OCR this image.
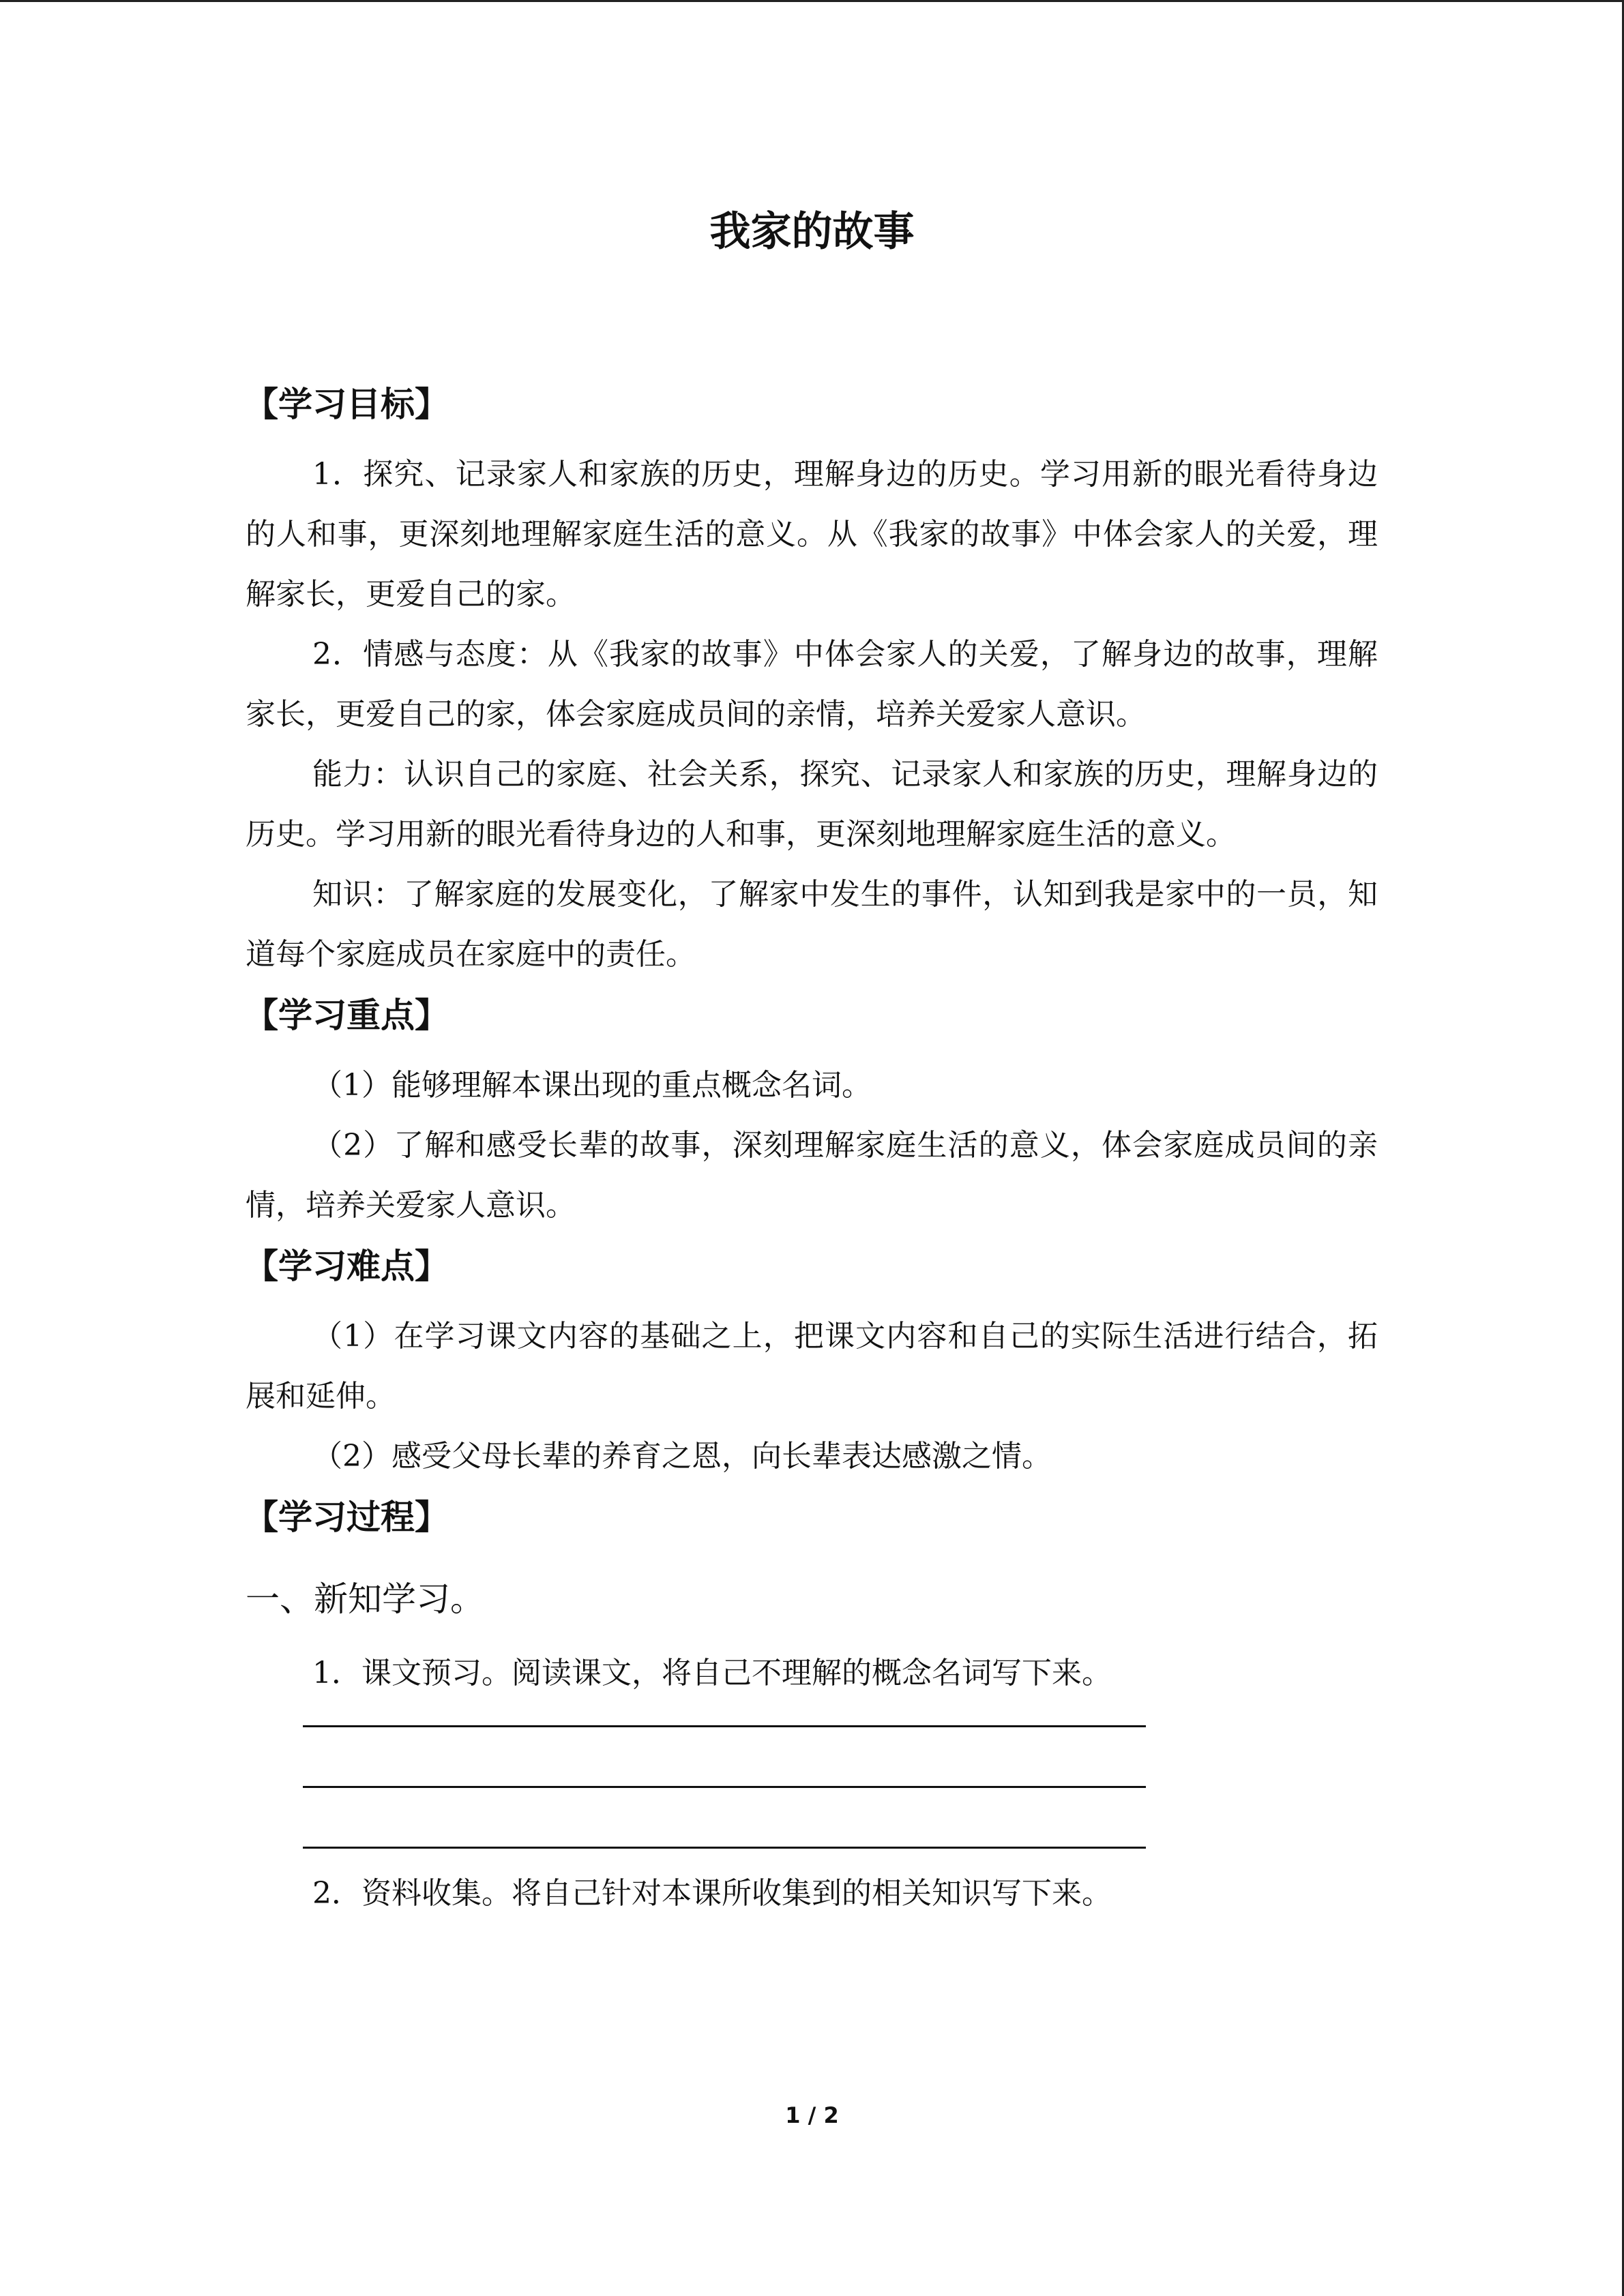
我家的故事
【学习目标】

1．探究、记录家人和家族的历史，理解身边的历史。学习用新的眼光看待身边的人和事，更深刻地理解家庭生活的意义。从《我家的故事》中体会家人的关爱，理解家长，更爱自己的家。

2．情感与态度：从《我家的故事》中体会家人的关爱，了解身边的故事，理解家长，更爱自己的家，体会家庭成员间的亲情，培养关爱家人意识。

能力：认识自己的家庭、社会关系，探究、记录家人和家族的历史，理解身边的历史。学习用新的眼光看待身边的人和事，更深刻地理解家庭生活的意义。

知识：了解家庭的发展变化，了解家中发生的事件，认知到我是家中的一员，知道每个家庭成员在家庭中的责任。

【学习重点】

（1）能够理解本课出现的重点概念名词。

（2）了解和感受长辈的故事，深刻理解家庭生活的意义，体会家庭成员间的亲情，培养关爱家人意识。

【学习难点】

（1）在学习课文内容的基础之上，把课文内容和自己的实际生活进行结合，拓展和延伸。

（2）感受父母长辈的养育之恩，向长辈表达感激之情。

【学习过程】
一、新知学习。

1．课文预习。阅读课文，将自己不理解的概念名词写下来。

2．资料收集。将自己针对本课所收集到的相关知识写下来。

1 / 2
